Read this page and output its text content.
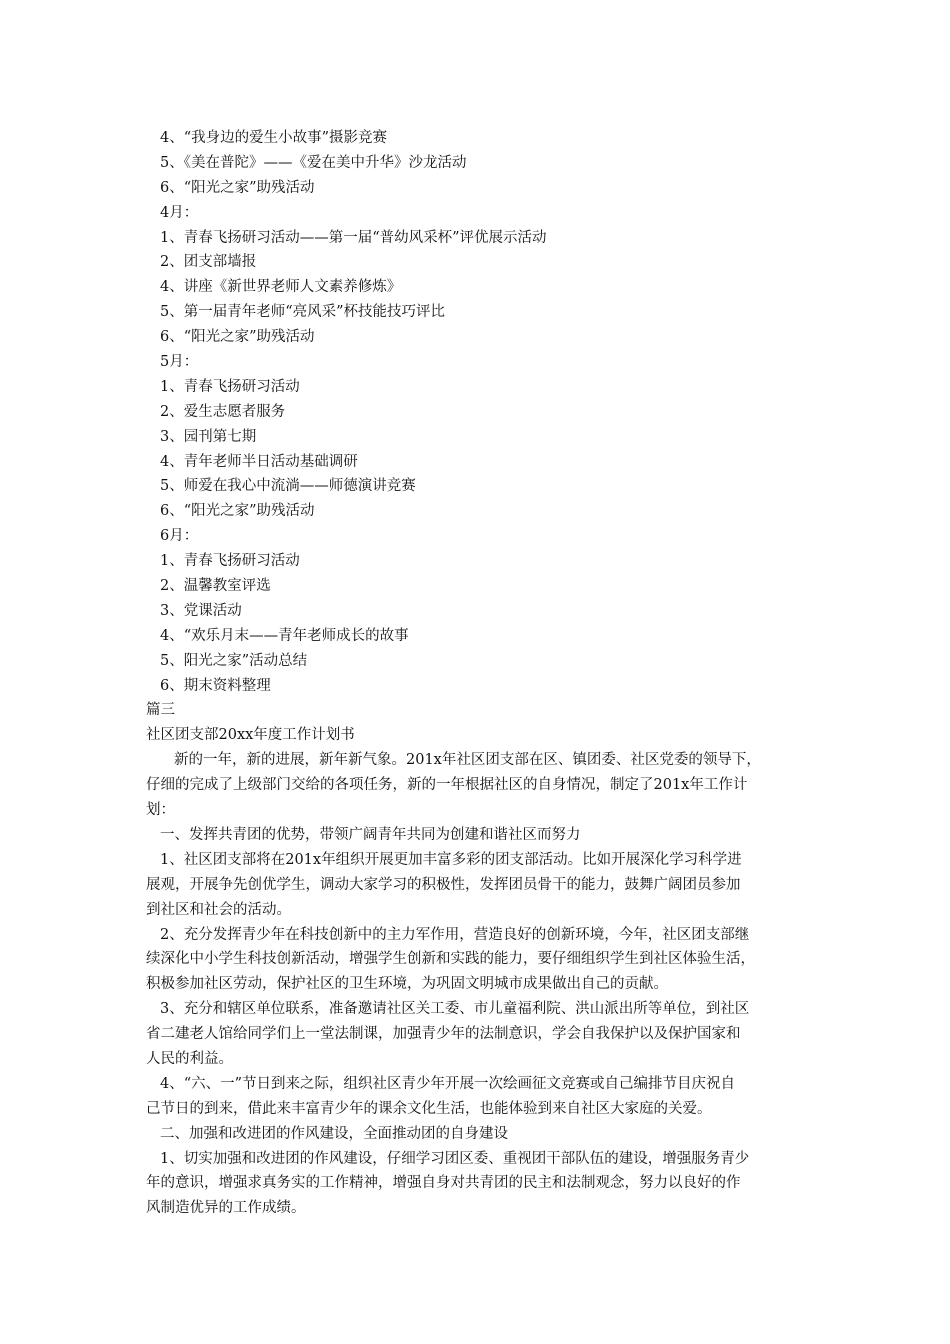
4、“我身边的爱生小故事”摄影竞赛
5、《美在普陀》——《爱在美中升华》沙龙活动
6、“阳光之家”助残活动
4月：
1、青春飞扬研习活动——第一届“普幼风采杯”评优展示活动
2、团支部墙报
4、讲座《新世界老师人文素养修炼》
5、第一届青年老师“亮风采”杯技能技巧评比
6、“阳光之家”助残活动
5月：
1、青春飞扬研习活动
2、爱生志愿者服务
3、园刊第七期
4、青年老师半日活动基础调研
5、师爱在我心中流淌——师德演讲竞赛
6、“阳光之家”助残活动
6月：
1、青春飞扬研习活动
2、温馨教室评选
3、党课活动
4、“欢乐月末——青年老师成长的故事
5、阳光之家”活动总结
6、期末资料整理
篇三
社区团支部20xx年度工作计划书
新的一年，新的进展，新年新气象。201x年社区团支部在区、镇团委、社区党委的领导下，
仔细的完成了上级部门交给的各项任务，新的一年根据社区的自身情况，制定了201x年工作计
划：
一、发挥共青团的优势，带领广阔青年共同为创建和谐社区而努力
1、社区团支部将在201x年组织开展更加丰富多彩的团支部活动。比如开展深化学习科学进
展观，开展争先创优学生，调动大家学习的积极性，发挥团员骨干的能力，鼓舞广阔团员参加
到社区和社会的活动。
2、充分发挥青少年在科技创新中的主力军作用，营造良好的创新环境，今年，社区团支部继
续深化中小学生科技创新活动，增强学生创新和实践的能力，要仔细组织学生到社区体验生活，
积极参加社区劳动，保护社区的卫生环境，为巩固文明城市成果做出自己的贡献。
3、充分和辖区单位联系，准备邀请社区关工委、市儿童福利院、洪山派出所等单位，到社区
省二建老人馆给同学们上一堂法制课，加强青少年的法制意识，学会自我保护以及保护国家和
人民的利益。
4、“六、一”节日到来之际，组织社区青少年开展一次绘画征文竞赛或自己编排节目庆祝自
己节日的到来，借此来丰富青少年的课余文化生活，也能体验到来自社区大家庭的关爱。
二、加强和改进团的作风建设，全面推动团的自身建设
1、切实加强和改进团的作风建设，仔细学习团区委、重视团干部队伍的建设，增强服务青少
年的意识，增强求真务实的工作精神，增强自身对共青团的民主和法制观念，努力以良好的作
风制造优异的工作成绩。
